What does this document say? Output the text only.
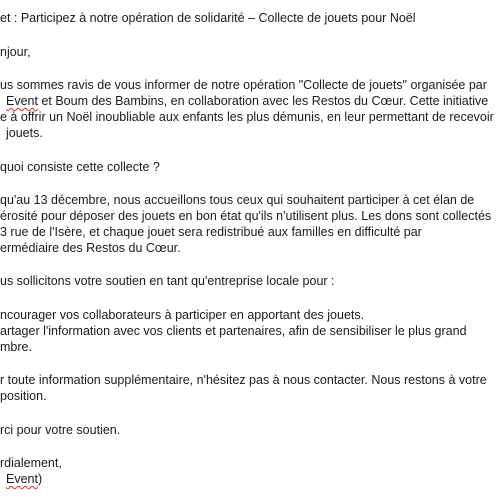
et : Participez à notre opération de solidarité – Collecte de jouets pour Noël
njour,
us sommes ravis de vous informer de notre opération "Collecte de jouets" organisée par
Event et Boum des Bambins, en collaboration avec les Restos du Cœur. Cette initiative
e à offrir un Noël inoubliable aux enfants les plus démunis, en leur permettant de recevoir
jouets.
quoi consiste cette collecte ?
qu'au 13 décembre, nous accueillons tous ceux qui souhaitent participer à cet élan de
érosité pour déposer des jouets en bon état qu'ils n'utilisent plus. Les dons sont collectés
3 rue de l'Isère, et chaque jouet sera redistribué aux familles en difficulté par
ermédiaire des Restos du Cœur.
us sollicitons votre soutien en tant qu'entreprise locale pour :
ncourager vos collaborateurs à participer en apportant des jouets.
artager l'information avec vos clients et partenaires, afin de sensibiliser le plus grand
mbre.
r toute information supplémentaire, n'hésitez pas à nous contacter. Nous restons à votre
position.
rci pour votre soutien.
rdialement,
Event)
